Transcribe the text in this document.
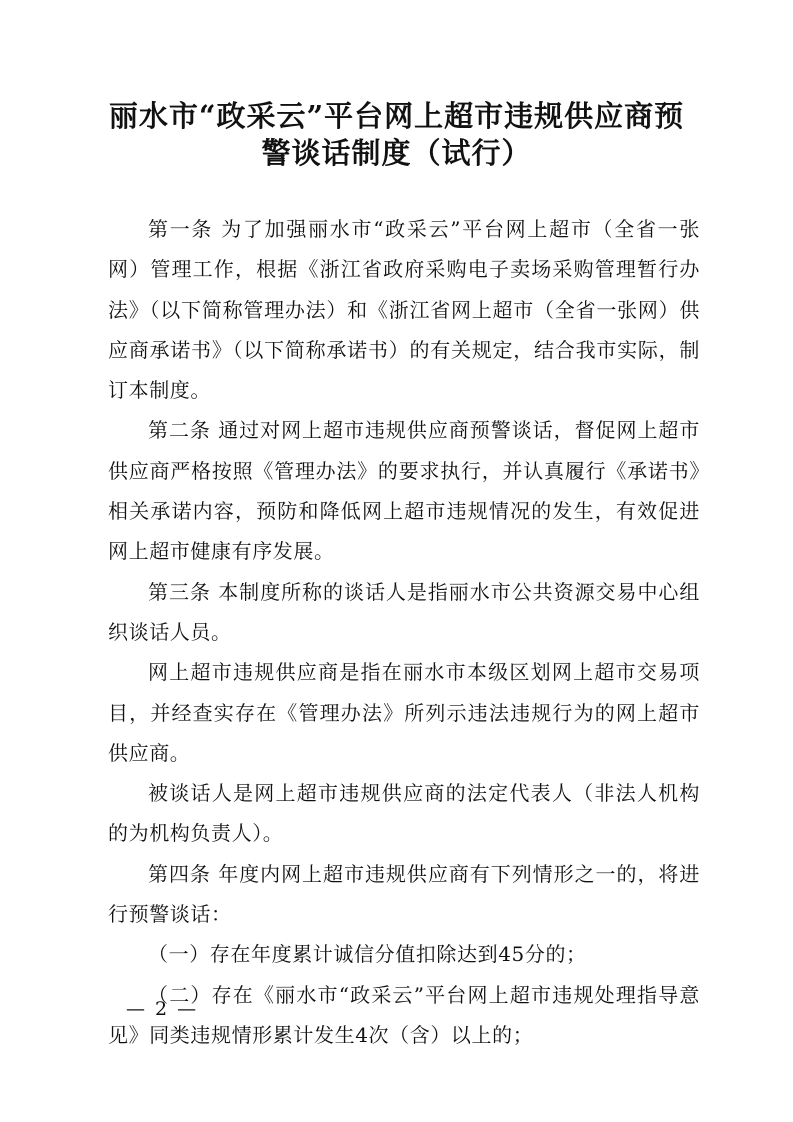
丽水市“政采云”平台网上超市违规供应商预
警谈话制度（试行）

第一条 为了加强丽水市“政采云”平台网上超市（全省一张网）管理工作，根据《浙江省政府采购电子卖场采购管理暂行办法》（以下简称管理办法）和《浙江省网上超市（全省一张网）供应商承诺书》（以下简称承诺书）的有关规定，结合我市实际，制订本制度。

第二条 通过对网上超市违规供应商预警谈话，督促网上超市供应商严格按照《管理办法》的要求执行，并认真履行《承诺书》相关承诺内容，预防和降低网上超市违规情况的发生，有效促进网上超市健康有序发展。

第三条 本制度所称的谈话人是指丽水市公共资源交易中心组织谈话人员。

网上超市违规供应商是指在丽水市本级区划网上超市交易项目，并经查实存在《管理办法》所列示违法违规行为的网上超市供应商。

被谈话人是网上超市违规供应商的法定代表人（非法人机构的为机构负责人）。

第四条 年度内网上超市违规供应商有下列情形之一的，将进行预警谈话：

（一）存在年度累计诚信分值扣除达到45分的；

（二）存在《丽水市“政采云”平台网上超市违规处理指导意见》同类违规情形累计发生4次（含）以上的；

— 2 —
